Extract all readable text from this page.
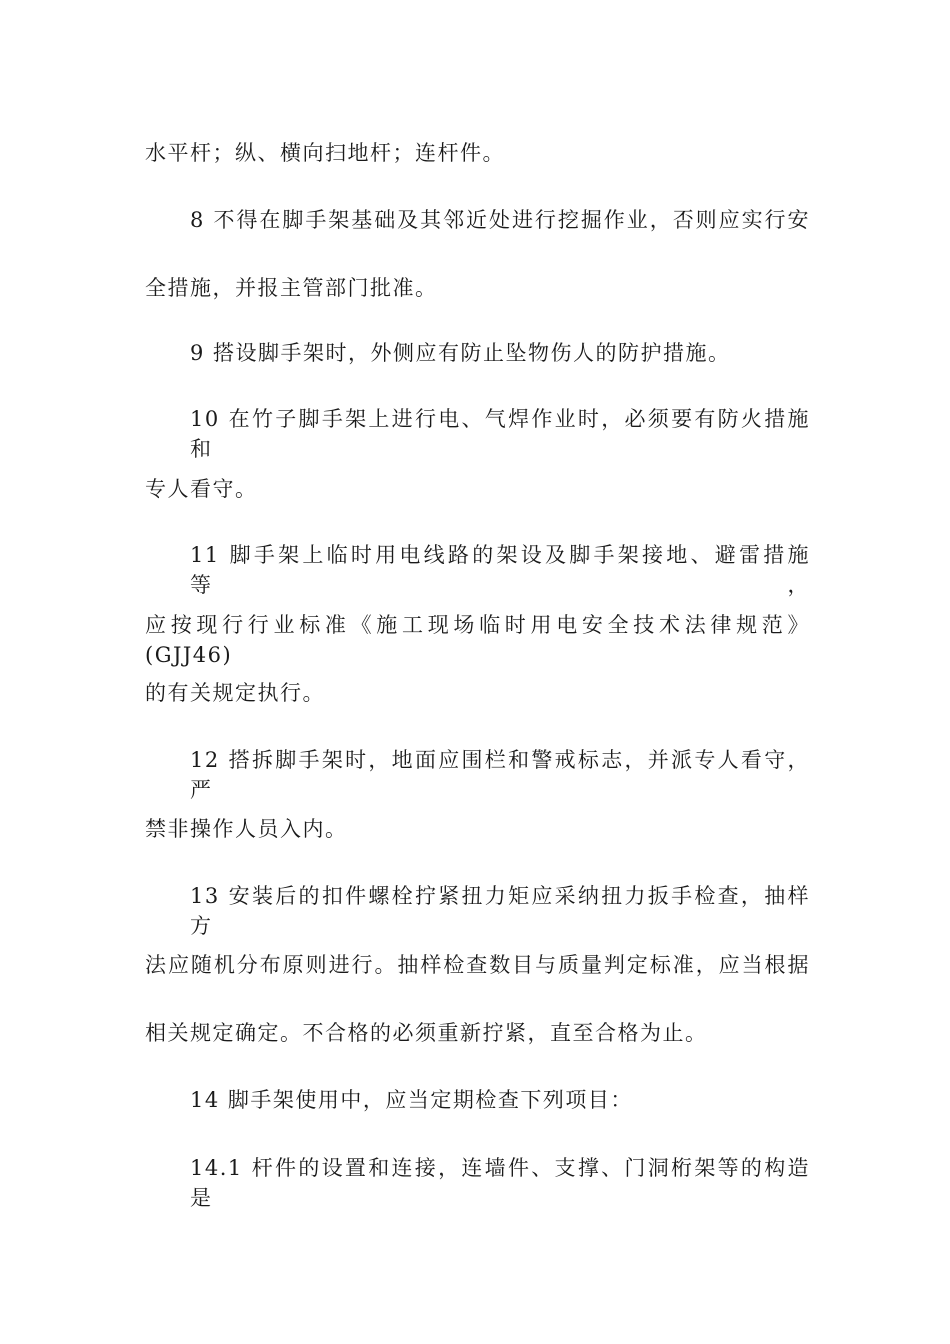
水平杆；纵、横向扫地杆；连杆件。
8 不得在脚手架基础及其邻近处进行挖掘作业，否则应实行安
全措施，并报主管部门批准。
9 搭设脚手架时，外侧应有防止坠物伤人的防护措施。
10 在竹子脚手架上进行电、气焊作业时，必须要有防火措施和
专人看守。
11 脚手架上临时用电线路的架设及脚手架接地、避雷措施等，
应按现行行业标准《施工现场临时用电安全技术法律规范》(GJJ46)
的有关规定执行。
12 搭拆脚手架时，地面应围栏和警戒标志，并派专人看守，严
禁非操作人员入内。
13 安装后的扣件螺栓拧紧扭力矩应采纳扭力扳手检查，抽样方
法应随机分布原则进行。抽样检查数目与质量判定标准，应当根据
相关规定确定。不合格的必须重新拧紧，直至合格为止。
14 脚手架使用中，应当定期检查下列项目：
14.1 杆件的设置和连接，连墙件、支撑、门洞桁架等的构造是
